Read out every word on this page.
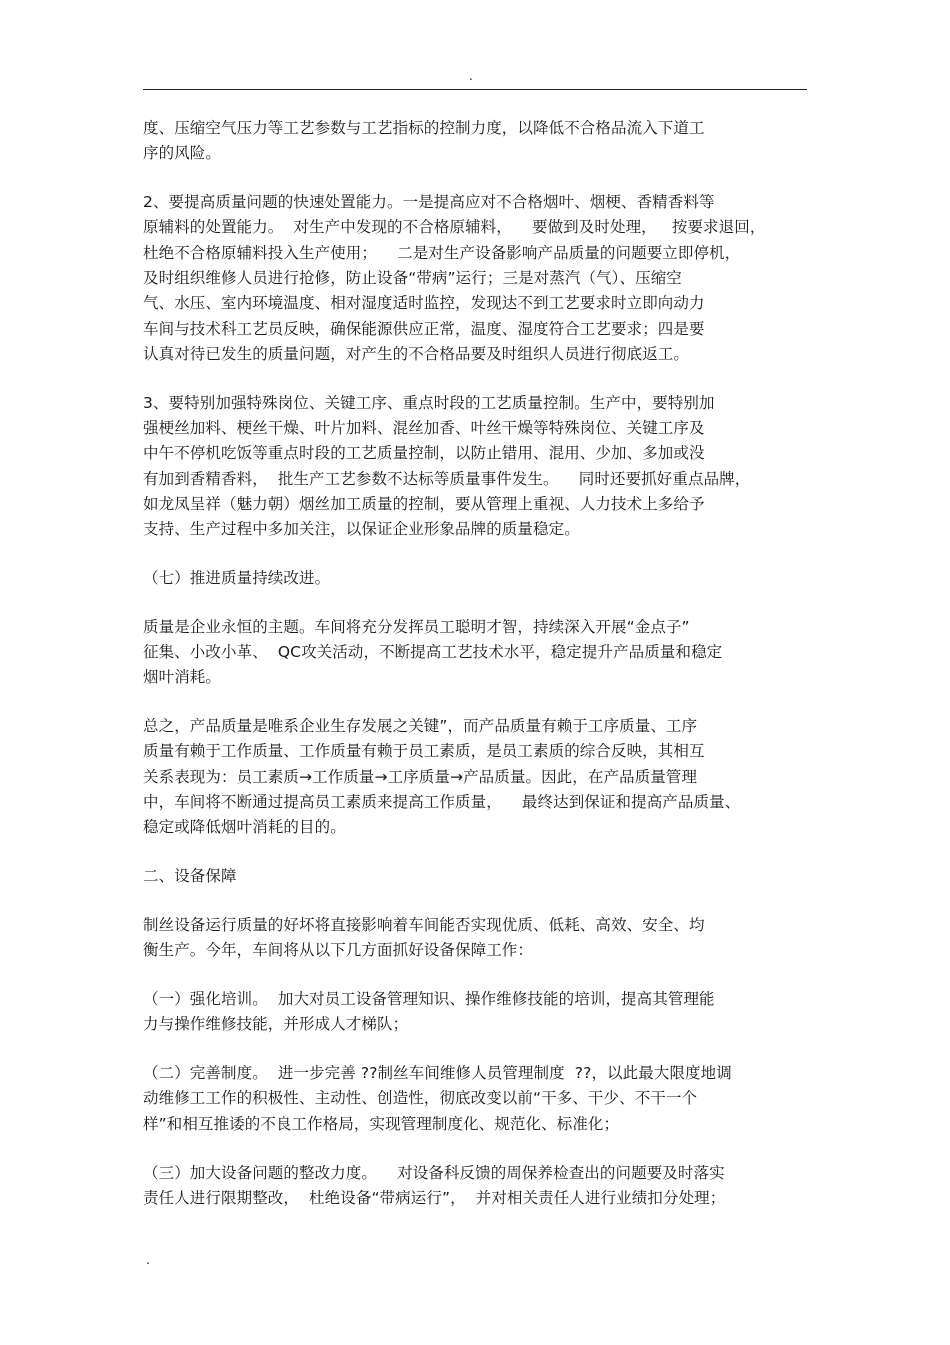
.
度、压缩空气压力等工艺参数与工艺指标的控制力度，以降低不合格品流入下道工
序的风险。
2、要提高质量问题的快速处置能力。一是提高应对不合格烟叶、烟梗、香精香料等
原辅料的处置能力。  对生产中发现的不合格原辅料，    要做到及时处理，   按要求退回，
杜绝不合格原辅料投入生产使用；    二是对生产设备影响产品质量的问题要立即停机，
及时组织维修人员进行抢修，防止设备“带病”运行；三是对蒸汽（气）、压缩空
气、水压、室内环境温度、相对湿度适时监控，发现达不到工艺要求时立即向动力
车间与技术科工艺员反映，确保能源供应正常，温度、湿度符合工艺要求；四是要
认真对待已发生的质量问题，对产生的不合格品要及时组织人员进行彻底返工。
3、要特别加强特殊岗位、关键工序、重点时段的工艺质量控制。生产中，要特别加
强梗丝加料、梗丝干燥、叶片加料、混丝加香、叶丝干燥等特殊岗位、关键工序及
中午不停机吃饭等重点时段的工艺质量控制，以防止错用、混用、少加、多加或没
有加到香精香料，  批生产工艺参数不达标等质量事件发生。    同时还要抓好重点品牌，
如龙凤呈祥（魅力朝）烟丝加工质量的控制，要从管理上重视、人力技术上多给予
支持、生产过程中多加关注，以保证企业形象品牌的质量稳定。
（七）推进质量持续改进。
质量是企业永恒的主题。车间将充分发挥员工聪明才智，持续深入开展“金点子”
征集、小改小革、  QC攻关活动，不断提高工艺技术水平，稳定提升产品质量和稳定
烟叶消耗。
总之，产品质量是唯系企业生存发展之关键”，而产品质量有赖于工序质量、工序
质量有赖于工作质量、工作质量有赖于员工素质，是员工素质的综合反映，其相互
关系表现为：员工素质→工作质量→工序质量→产品质量。因此，在产品质量管理
中，车间将不断通过提高员工素质来提高工作质量，    最终达到保证和提高产品质量、
稳定或降低烟叶消耗的目的。
二、设备保障
制丝设备运行质量的好坏将直接影响着车间能否实现优质、低耗、高效、安全、均
衡生产。今年，车间将从以下几方面抓好设备保障工作：
（一）强化培训。  加大对员工设备管理知识、操作维修技能的培训，提高其管理能
力与操作维修技能，并形成人才梯队；
（二）完善制度。  进一步完善 ??制丝车间维修人员管理制度  ??，以此最大限度地调
动维修工工作的积极性、主动性、创造性，彻底改变以前“干多、干少、不干一个
样”和相互推诿的不良工作格局，实现管理制度化、规范化、标准化；
（三）加大设备问题的整改力度。    对设备科反馈的周保养检查出的问题要及时落实
责任人进行限期整改，  杜绝设备“带病运行”，  并对相关责任人进行业绩扣分处理；
.
